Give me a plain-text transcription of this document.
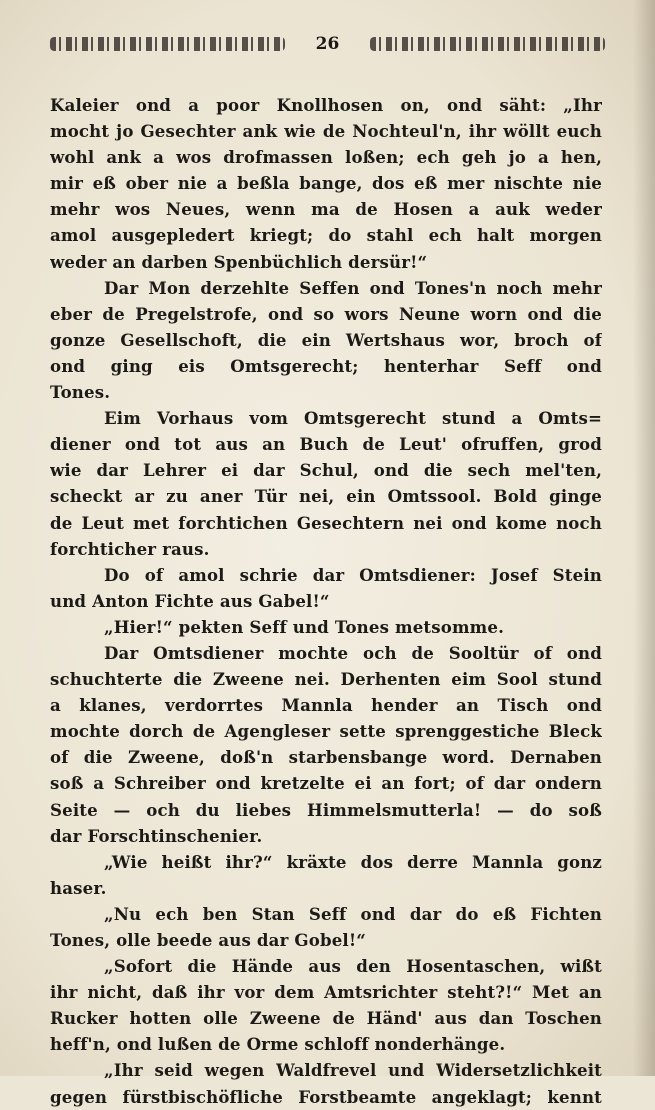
26
Kaleier ond a poor Knollhosen on, ond säht: „Ihr
mocht jo Gesechter ank wie de Nochteul'n, ihr wöllt euch
wohl ank a wos drofmassen loßen; ech geh jo a hen,
mir eß ober nie a beßla bange, dos eß mer nischte nie
mehr wos Neues, wenn ma de Hosen a auk weder
amol ausgepledert kriegt; do stahl ech halt morgen
weder an darben Spenbüchlich dersür!“
Dar Mon derzehlte Seffen ond Tones'n noch mehr
eber de Pregelstrofe, ond so wors Neune worn ond die
gonze Gesellschoft, die ein Wertshaus wor, broch of
ond ging eis Omtsgerecht; henterhar Seff ond
Tones.
Eim Vorhaus vom Omtsgerecht stund a Omts=
diener ond tot aus an Buch de Leut' ofruffen, grod
wie dar Lehrer ei dar Schul, ond die sech mel'ten,
scheckt ar zu aner Tür nei, ein Omtssool. Bold ginge
de Leut met forchtichen Gesechtern nei ond kome noch
forchticher raus.
Do of amol schrie dar Omtsdiener: Josef Stein
und Anton Fichte aus Gabel!“
„Hier!“ pekten Seff und Tones metsomme.
Dar Omtsdiener mochte och de Sooltür of ond
schuchterte die Zweene nei. Derhenten eim Sool stund
a klanes, verdorrtes Mannla hender an Tisch ond
mochte dorch de Agengleser sette sprenggestiche Bleck
of die Zweene, doß'n starbensbange word. Dernaben
soß a Schreiber ond kretzelte ei an fort; of dar ondern
Seite — och du liebes Himmelsmutterla! — do soß
dar Forschtinschenier.
„Wie heißt ihr?“ kräxte dos derre Mannla gonz
haser.
„Nu ech ben Stan Seff ond dar do eß Fichten
Tones, olle beede aus dar Gobel!“
„Sofort die Hände aus den Hosentaschen, wißt
ihr nicht, daß ihr vor dem Amtsrichter steht?!“ Met an
Rucker hotten olle Zweene de Händ' aus dan Toschen
heff'n, ond lußen de Orme schloff nonderhänge.
„Ihr seid wegen Waldfrevel und Widersetzlichkeit
gegen fürstbischöfliche Forstbeamte angeklagt; kennt
